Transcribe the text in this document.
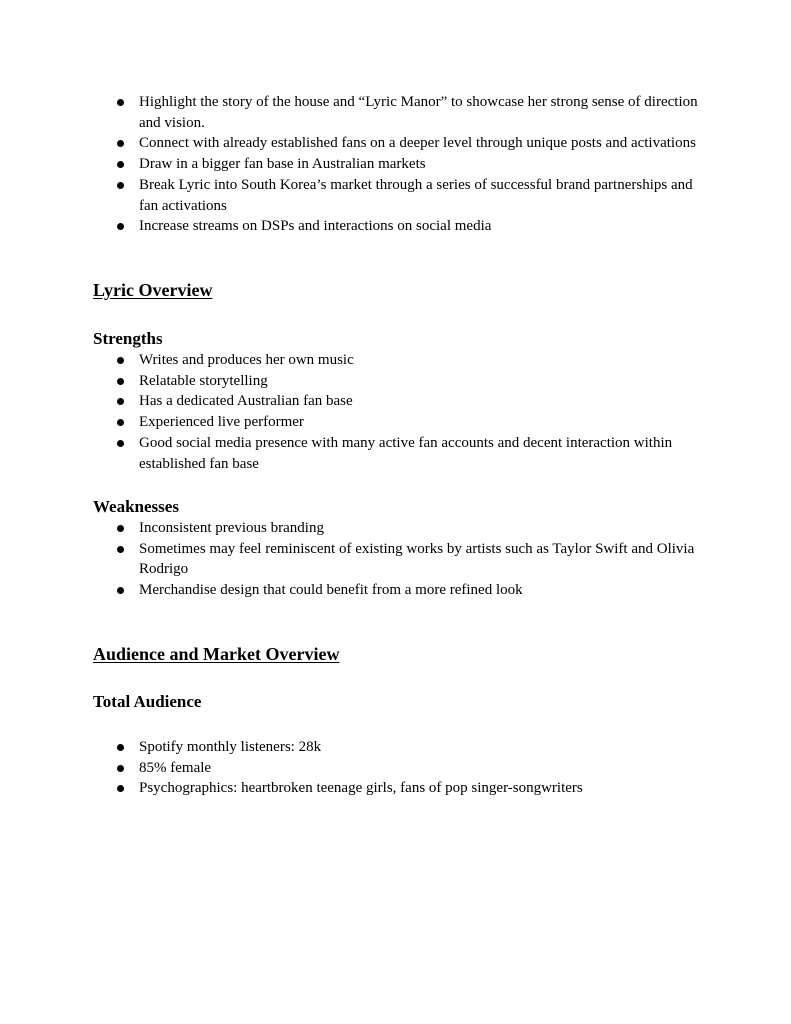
Highlight the story of the house and “Lyric Manor” to showcase her strong sense of direction and vision.
Connect with already established fans on a deeper level through unique posts and activations
Draw in a bigger fan base in Australian markets
Break Lyric into South Korea’s market through a series of successful brand partnerships and fan activations
Increase streams on DSPs and interactions on social media
Lyric Overview
Strengths
Writes and produces her own music
Relatable storytelling
Has a dedicated Australian fan base
Experienced live performer
Good social media presence with many active fan accounts and decent interaction within established fan base
Weaknesses
Inconsistent previous branding
Sometimes may feel reminiscent of existing works by artists such as Taylor Swift and Olivia Rodrigo
Merchandise design that could benefit from a more refined look
Audience and Market Overview
Total Audience
Spotify monthly listeners: 28k
85% female
Psychographics: heartbroken teenage girls, fans of pop singer-songwriters
